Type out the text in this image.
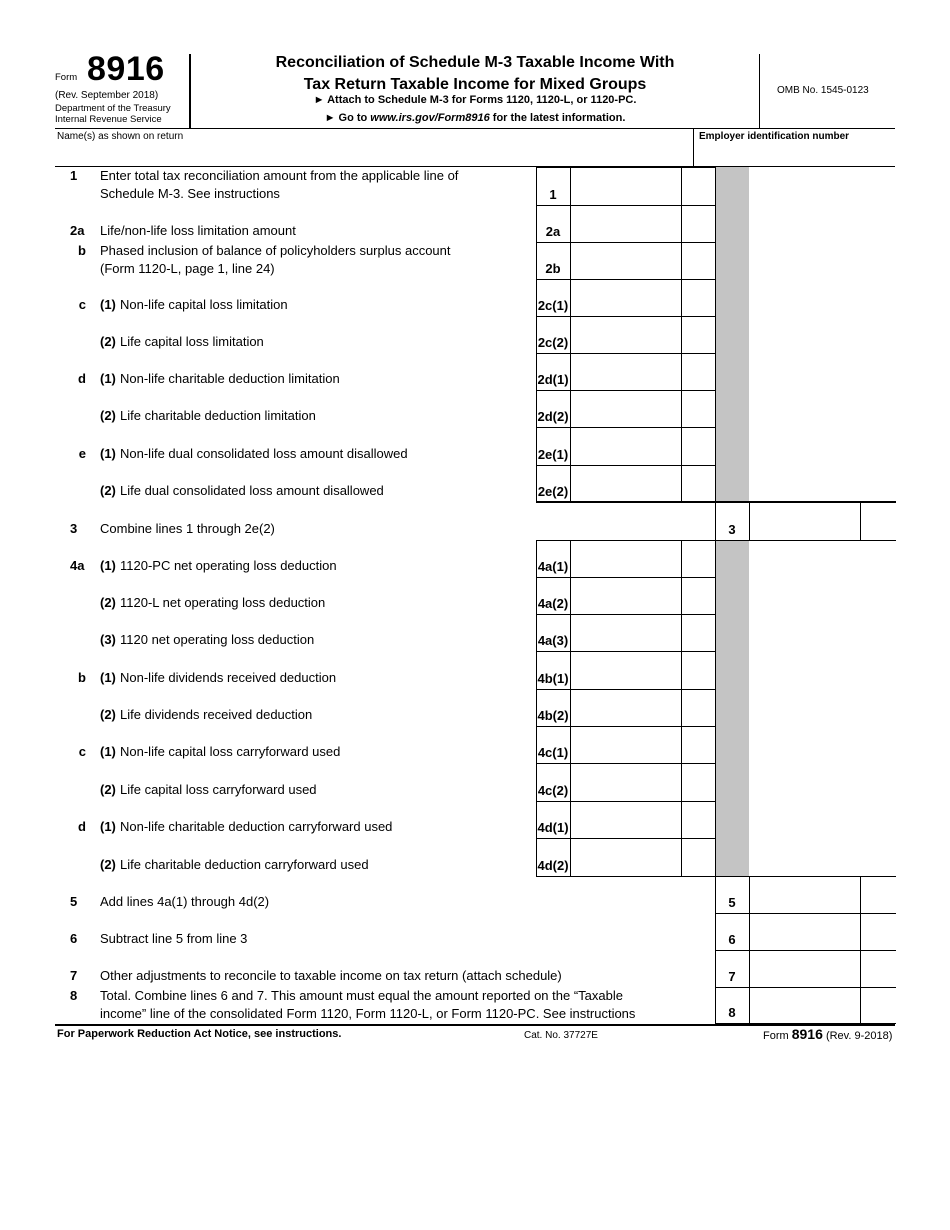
Form 8916
(Rev. September 2018)
Department of the Treasury
Internal Revenue Service
Reconciliation of Schedule M-3 Taxable Income With
Tax Return Taxable Income for Mixed Groups
► Attach to Schedule M-3 for Forms 1120, 1120-L, or 1120-PC.
► Go to www.irs.gov/Form8916 for the latest information.
OMB No. 1545-0123
Name(s) as shown on return	Employer identification number
1	Enter total tax reconciliation amount from the applicable line of
Schedule M-3. See instructions	1
2a	Life/non-life loss limitation amount	2a
b Phased inclusion of balance of policyholders surplus account
(Form 1120-L, page 1, line 24)	2b
c (1) Non-life capital loss limitation	2c(1)
(2) Life capital loss limitation	2c(2)
d (1) Non-life charitable deduction limitation	2d(1)
(2) Life charitable deduction limitation	2d(2)
e (1) Non-life dual consolidated loss amount disallowed	2e(1)
(2) Life dual consolidated loss amount disallowed	2e(2)
3	Combine lines 1 through 2e(2)	3
4a	(1) 1120-PC net operating loss deduction	4a(1)
(2) 1120-L net operating loss deduction	4a(2)
(3) 1120 net operating loss deduction	4a(3)
b (1) Non-life dividends received deduction	4b(1)
(2) Life dividends received deduction	4b(2)
c (1) Non-life capital loss carryforward used	4c(1)
(2) Life capital loss carryforward used	4c(2)
d (1) Non-life charitable deduction carryforward used	4d(1)
(2) Life charitable deduction carryforward used	4d(2)
5	Add lines 4a(1) through 4d(2)	5
6	Subtract line 5 from line 3	6
7	Other adjustments to reconcile to taxable income on tax return (attach schedule)	7
8	Total. Combine lines 6 and 7. This amount must equal the amount reported on the “Taxable
income” line of the consolidated Form 1120, Form 1120-L, or Form 1120-PC. See instructions	8
For Paperwork Reduction Act Notice, see instructions.	Cat. No. 37727E	Form 8916 (Rev. 9-2018)
